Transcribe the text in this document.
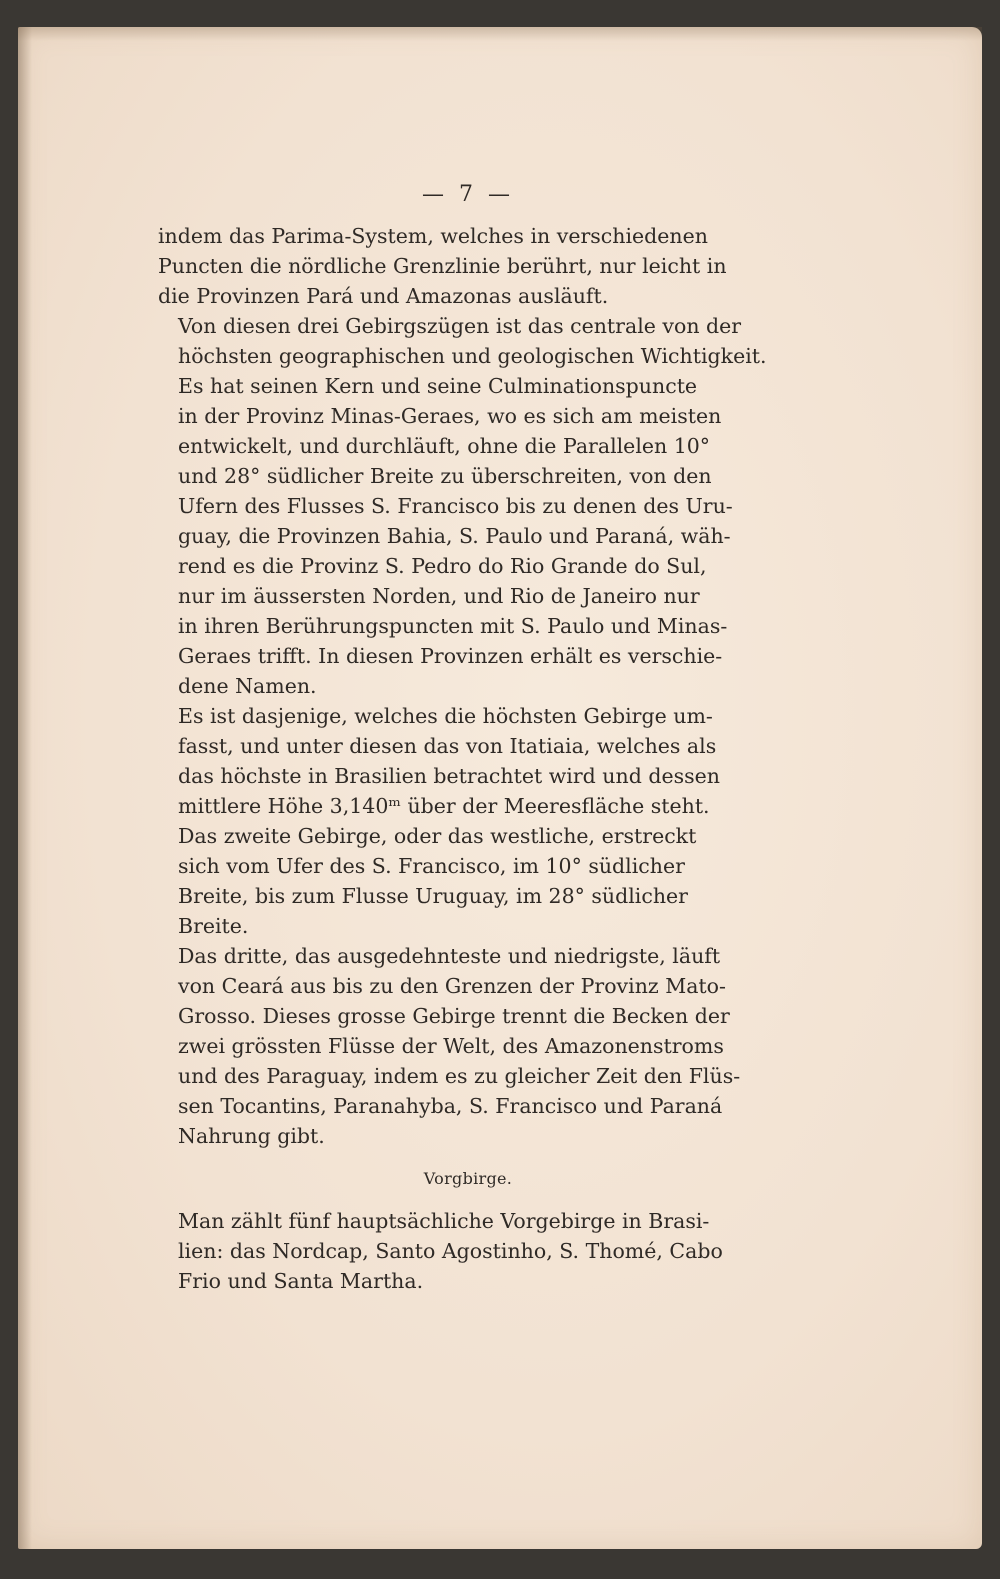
— 7 —

indem das Parima-System, welches in verschiedenen
Puncten die nördliche Grenzlinie berührt, nur leicht in
die Provinzen Pará und Amazonas ausläuft.

Von diesen drei Gebirgszügen ist das centrale von der
höchsten geographischen und geologischen Wichtigkeit.

Es hat seinen Kern und seine Culminationspuncte
in der Provinz Minas-Geraes, wo es sich am meisten
entwickelt, und durchläuft, ohne die Parallelen 10°
und 28° südlicher Breite zu überschreiten, von den
Ufern des Flusses S. Francisco bis zu denen des Uru-
guay, die Provinzen Bahia, S. Paulo und Paraná, wäh-
rend es die Provinz S. Pedro do Rio Grande do Sul,
nur im äussersten Norden, und Rio de Janeiro nur
in ihren Berührungspuncten mit S. Paulo und Minas-
Geraes trifft. In diesen Provinzen erhält es verschie-
dene Namen.

Es ist dasjenige, welches die höchsten Gebirge um-
fasst, und unter diesen das von Itatiaia, welches als
das höchste in Brasilien betrachtet wird und dessen
mittlere Höhe 3,140ᵐ über der Meeresfläche steht.

Das zweite Gebirge, oder das westliche, erstreckt
sich vom Ufer des S. Francisco, im 10° südlicher
Breite, bis zum Flusse Uruguay, im 28° südlicher
Breite.

Das dritte, das ausgedehnteste und niedrigste, läuft
von Ceará aus bis zu den Grenzen der Provinz Mato-
Grosso. Dieses grosse Gebirge trennt die Becken der
zwei grössten Flüsse der Welt, des Amazonenstroms
und des Paraguay, indem es zu gleicher Zeit den Flüs-
sen Tocantins, Paranahyba, S. Francisco und Paraná
Nahrung gibt.

Vorgbirge.

Man zählt fünf hauptsächliche Vorgebirge in Brasi-
lien: das Nordcap, Santo Agostinho, S. Thomé, Cabo
Frio und Santa Martha.
